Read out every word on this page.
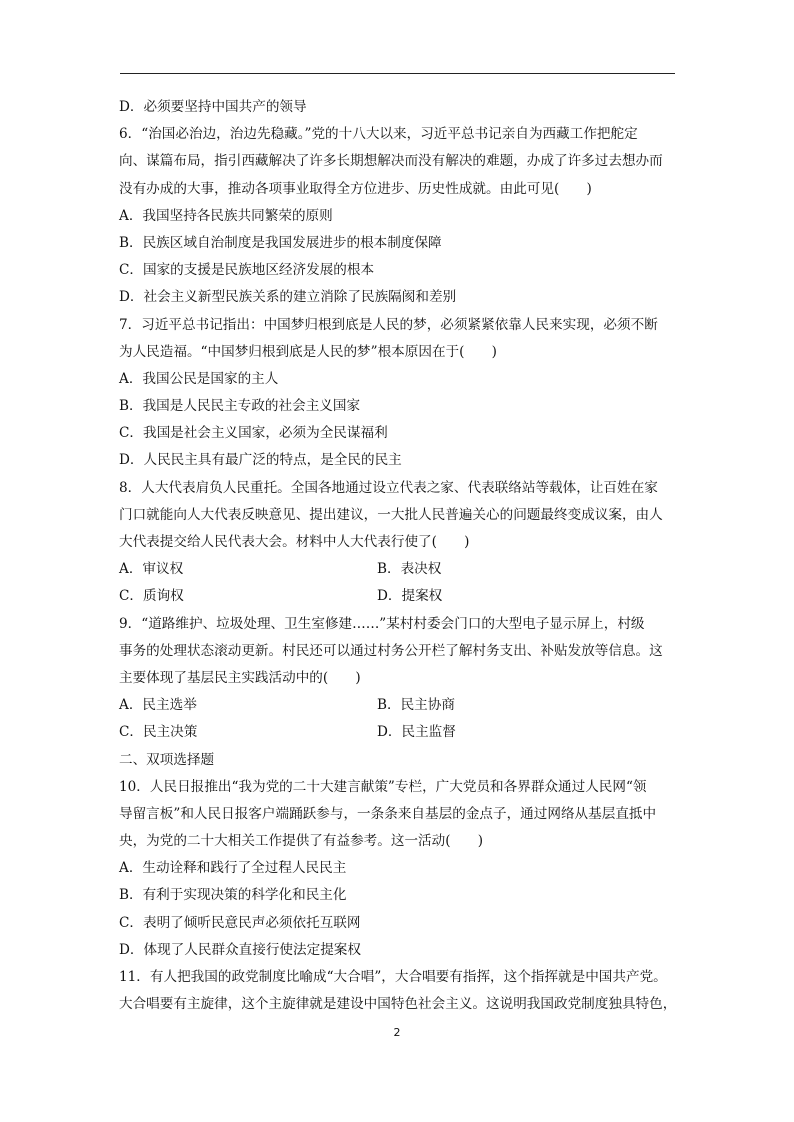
D．必须要坚持中国共产的领导
6．“治国必治边，治边先稳藏。”党的十八大以来，习近平总书记亲自为西藏工作把舵定
向、谋篇布局，指引西藏解决了许多长期想解决而没有解决的难题，办成了许多过去想办而
没有办成的大事，推动各项事业取得全方位进步、历史性成就。由此可见(　　)
A．我国坚持各民族共同繁荣的原则
B．民族区域自治制度是我国发展进步的根本制度保障
C．国家的支援是民族地区经济发展的根本
D．社会主义新型民族关系的建立消除了民族隔阂和差别
7．习近平总书记指出：中国梦归根到底是人民的梦，必须紧紧依靠人民来实现，必须不断
为人民造福。“中国梦归根到底是人民的梦”根本原因在于(　　)
A．我国公民是国家的主人
B．我国是人民民主专政的社会主义国家
C．我国是社会主义国家，必须为全民谋福利
D．人民民主具有最广泛的特点，是全民的民主
8．人大代表肩负人民重托。全国各地通过设立代表之家、代表联络站等载体，让百姓在家
门口就能向人大代表反映意见、提出建议，一大批人民普遍关心的问题最终变成议案，由人
大代表提交给人民代表大会。材料中人大代表行使了(　　)
A．审议权	B．表决权
C．质询权	D．提案权
9．“道路维护、垃圾处理、卫生室修建……”某村村委会门口的大型电子显示屏上，村级
事务的处理状态滚动更新。村民还可以通过村务公开栏了解村务支出、补贴发放等信息。这
主要体现了基层民主实践活动中的(　　)
A．民主选举	B．民主协商
C．民主决策	D．民主监督
二、双项选择题
10．人民日报推出“我为党的二十大建言献策”专栏，广大党员和各界群众通过人民网“领
导留言板”和人民日报客户端踊跃参与，一条条来自基层的金点子，通过网络从基层直抵中
央，为党的二十大相关工作提供了有益参考。这一活动(　　)
A．生动诠释和践行了全过程人民民主
B．有利于实现决策的科学化和民主化
C．表明了倾听民意民声必须依托互联网
D．体现了人民群众直接行使法定提案权
11．有人把我国的政党制度比喻成“大合唱”，大合唱要有指挥，这个指挥就是中国共产党。
大合唱要有主旋律，这个主旋律就是建设中国特色社会主义。这说明我国政党制度独具特色，
2
